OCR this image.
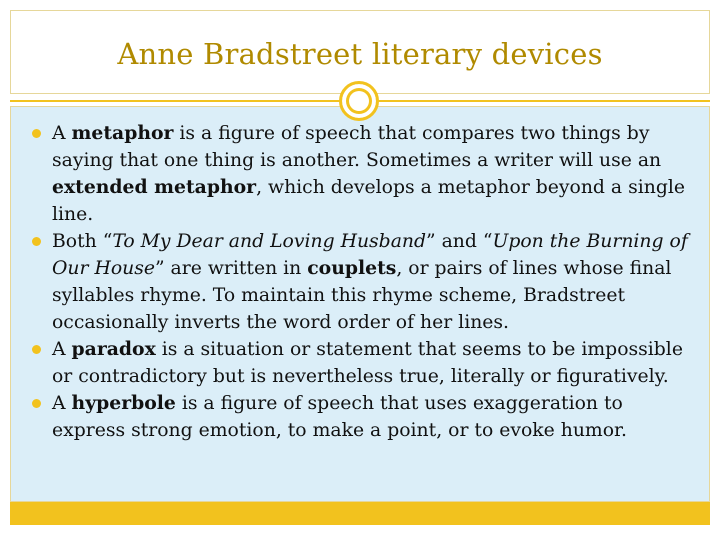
Anne Bradstreet literary devices
A metaphor is a figure of speech that compares two things by saying that one thing is another. Sometimes a writer will use an extended metaphor, which develops a metaphor beyond a single line.
Both “To My Dear and Loving Husband” and “Upon the Burning of Our House” are written in couplets, or pairs of lines whose final syllables rhyme. To maintain this rhyme scheme, Bradstreet occasionally inverts the word order of her lines.
A paradox is a situation or statement that seems to be impossible or contradictory but is nevertheless true, literally or figuratively.
A hyperbole is a figure of speech that uses exaggeration to express strong emotion, to make a point, or to evoke humor.
